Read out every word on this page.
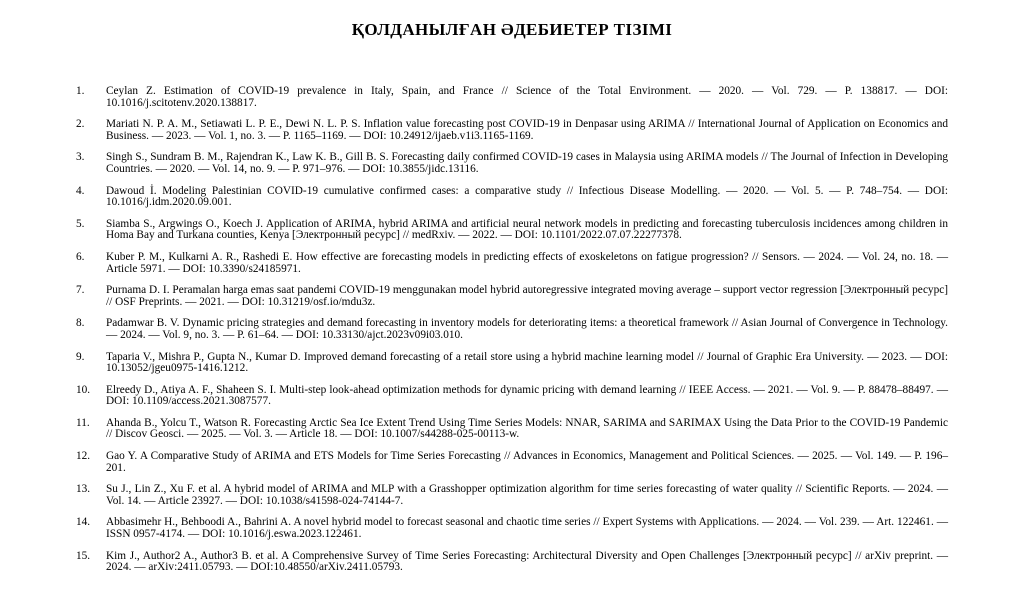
ҚОЛДАНЫЛҒАН ӘДЕБИЕТЕР ТІЗІМІ
1.	Ceylan Z. Estimation of COVID-19 prevalence in Italy, Spain, and France // Science of the Total Environment. — 2020. — Vol. 729. — P. 138817. — DOI: 10.1016/j.scitotenv.2020.138817.
2.	Mariati N. P. A. M., Setiawati L. P. E., Dewi N. L. P. S. Inflation value forecasting post COVID-19 in Denpasar using ARIMA // International Journal of Application on Economics and Business. — 2023. — Vol. 1, no. 3. — P. 1165–1169. — DOI: 10.24912/ijaeb.v1i3.1165-1169.
3.	Singh S., Sundram B. M., Rajendran K., Law K. B., Gill B. S. Forecasting daily confirmed COVID-19 cases in Malaysia using ARIMA models // The Journal of Infection in Developing Countries. — 2020. — Vol. 14, no. 9. — P. 971–976. — DOI: 10.3855/jidc.13116.
4.	Dawoud İ. Modeling Palestinian COVID-19 cumulative confirmed cases: a comparative study // Infectious Disease Modelling. — 2020. — Vol. 5. — P. 748–754. — DOI: 10.1016/j.idm.2020.09.001.
5.	Siamba S., Argwings O., Koech J. Application of ARIMA, hybrid ARIMA and artificial neural network models in predicting and forecasting tuberculosis incidences among children in Homa Bay and Turkana counties, Kenya [Электронный ресурс] // medRxiv. — 2022. — DOI: 10.1101/2022.07.07.22277378.
6.	Kuber P. M., Kulkarni A. R., Rashedi E. How effective are forecasting models in predicting effects of exoskeletons on fatigue progression? // Sensors. — 2024. — Vol. 24, no. 18. — Article 5971. — DOI: 10.3390/s24185971.
7.	Purnama D. I. Peramalan harga emas saat pandemi COVID-19 menggunakan model hybrid autoregressive integrated moving average – support vector regression [Электронный ресурс] // OSF Preprints. — 2021. — DOI: 10.31219/osf.io/mdu3z.
8.	Padamwar B. V. Dynamic pricing strategies and demand forecasting in inventory models for deteriorating items: a theoretical framework // Asian Journal of Convergence in Technology. — 2024. — Vol. 9, no. 3. — P. 61–64. — DOI: 10.33130/ajct.2023v09i03.010.
9.	Taparia V., Mishra P., Gupta N., Kumar D. Improved demand forecasting of a retail store using a hybrid machine learning model // Journal of Graphic Era University. — 2023. — DOI: 10.13052/jgeu0975-1416.1212.
10.	Elreedy D., Atiya A. F., Shaheen S. I. Multi-step look-ahead optimization methods for dynamic pricing with demand learning // IEEE Access. — 2021. — Vol. 9. — P. 88478–88497. — DOI: 10.1109/access.2021.3087577.
11.	Ahanda B., Yolcu T., Watson R. Forecasting Arctic Sea Ice Extent Trend Using Time Series Models: NNAR, SARIMA and SARIMAX Using the Data Prior to the COVID-19 Pandemic // Discov Geosci. — 2025. — Vol. 3. — Article 18. — DOI: 10.1007/s44288-025-00113-w.
12.	Gao Y. A Comparative Study of ARIMA and ETS Models for Time Series Forecasting // Advances in Economics, Management and Political Sciences. — 2025. — Vol. 149. — P. 196–201.
13.	Su J., Lin Z., Xu F. et al. A hybrid model of ARIMA and MLP with a Grasshopper optimization algorithm for time series forecasting of water quality // Scientific Reports. — 2024. — Vol. 14. — Article 23927. — DOI: 10.1038/s41598-024-74144-7.
14.	Abbasimehr H., Behboodi A., Bahrini A. A novel hybrid model to forecast seasonal and chaotic time series // Expert Systems with Applications. — 2024. — Vol. 239. — Art. 122461. — ISSN 0957-4174. — DOI: 10.1016/j.eswa.2023.122461.
15.	Kim J., Author2 A., Author3 B. et al. A Comprehensive Survey of Time Series Forecasting: Architectural Diversity and Open Challenges [Электронный ресурс] // arXiv preprint. — 2024. — arXiv:2411.05793. — DOI:10.48550/arXiv.2411.05793.
